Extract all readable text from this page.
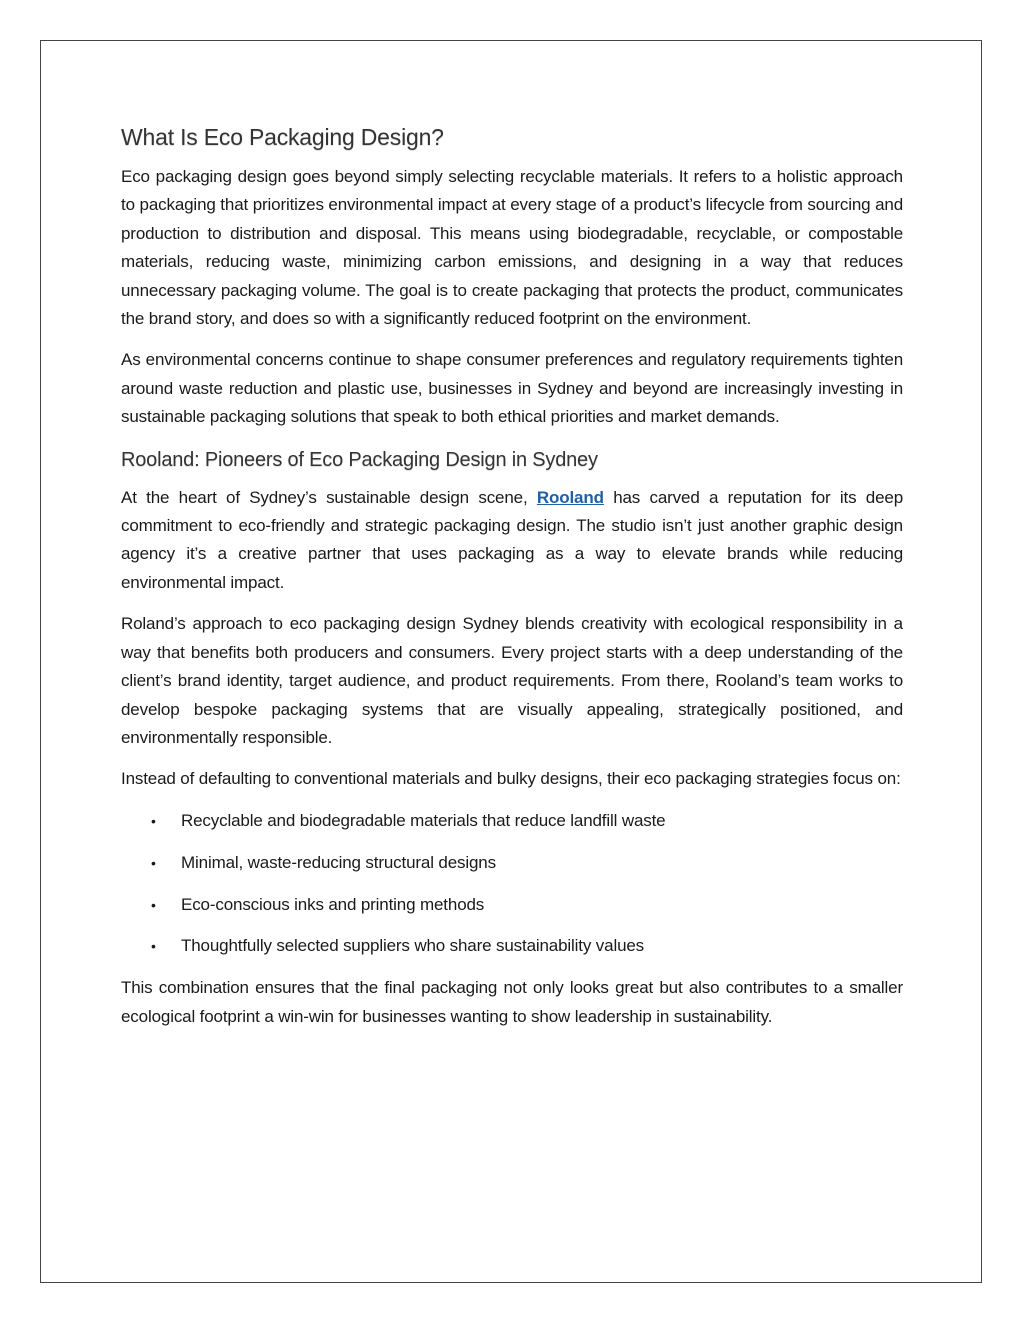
What Is Eco Packaging Design?

Eco packaging design goes beyond simply selecting recyclable materials. It refers to a holistic approach to packaging that prioritizes environmental impact at every stage of a product’s lifecycle from sourcing and production to distribution and disposal. This means using biodegradable, recyclable, or compostable materials, reducing waste, minimizing carbon emissions, and designing in a way that reduces unnecessary packaging volume. The goal is to create packaging that protects the product, communicates the brand story, and does so with a significantly reduced footprint on the environment.

As environmental concerns continue to shape consumer preferences and regulatory requirements tighten around waste reduction and plastic use, businesses in Sydney and beyond are increasingly investing in sustainable packaging solutions that speak to both ethical priorities and market demands.

Rooland: Pioneers of Eco Packaging Design in Sydney

At the heart of Sydney’s sustainable design scene, Rooland has carved a reputation for its deep commitment to eco-friendly and strategic packaging design. The studio isn’t just another graphic design agency it’s a creative partner that uses packaging as a way to elevate brands while reducing environmental impact.

Roland’s approach to eco packaging design Sydney blends creativity with ecological responsibility in a way that benefits both producers and consumers. Every project starts with a deep understanding of the client’s brand identity, target audience, and product requirements. From there, Rooland’s team works to develop bespoke packaging systems that are visually appealing, strategically positioned, and environmentally responsible.

Instead of defaulting to conventional materials and bulky designs, their eco packaging strategies focus on:

• Recyclable and biodegradable materials that reduce landfill waste
• Minimal, waste-reducing structural designs
• Eco-conscious inks and printing methods
• Thoughtfully selected suppliers who share sustainability values

This combination ensures that the final packaging not only looks great but also contributes to a smaller ecological footprint a win-win for businesses wanting to show leadership in sustainability.
